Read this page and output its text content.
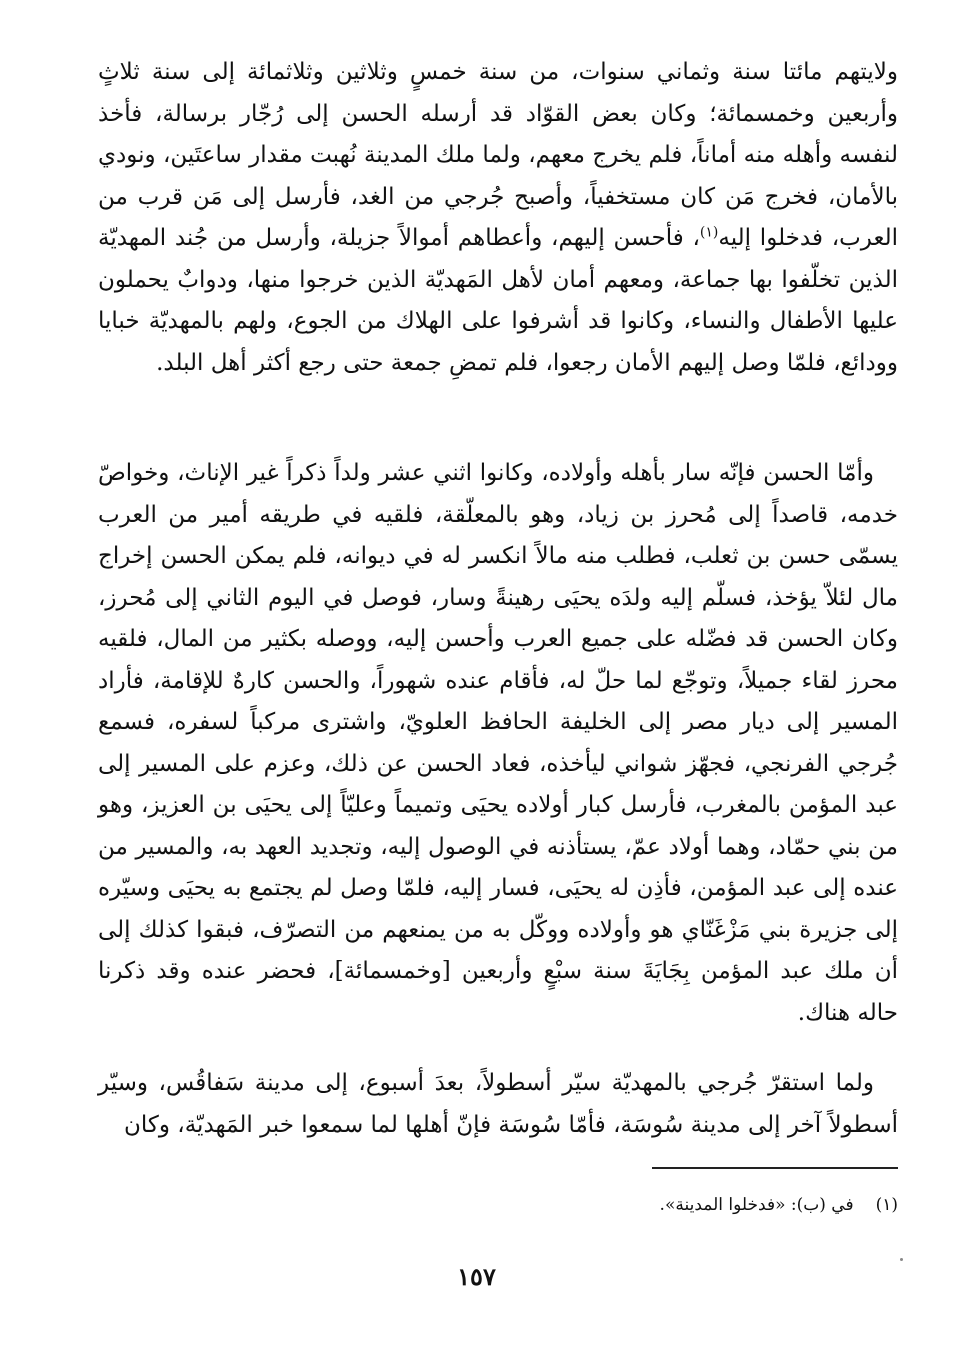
ولايتهم مائتا سنة وثماني سنوات، من سنة خمسٍ وثلاثين وثلاثمائة إلى سنة ثلاثٍ وأربعين وخمسمائة؛ وكان بعض القوّاد قد أرسله الحسن إلى رُجّار برسالة، فأخذ لنفسه وأهله منه أماناً، فلم يخرج معهم، ولما ملك المدينة نُهبت مقدار ساعتَين، ونودي بالأمان، فخرج مَن كان مستخفياً، وأصبح جُرجي من الغد، فأرسل إلى مَن قرب من العرب، فدخلوا إليه$^{(١)}$، فأحسن إليهم، وأعطاهم أموالاً جزيلة، وأرسل من جُند المهديّة الذين تخلّفوا بها جماعة، ومعهم أمان لأهل المَهديّة الذين خرجوا منها، ودوابٌ يحملون عليها الأطفال والنساء، وكانوا قد أشرفوا على الهلاك من الجوع، ولهم بالمهديّة خبايا وودائع، فلمّا وصل إليهم الأمان رجعوا، فلم تمضِ جمعة حتى رجع أكثر أهل البلد.

وأمّا الحسن فإنّه سار بأهله وأولاده، وكانوا اثني عشر ولداً ذكراً غير الإناث، وخواصّ خدمه، قاصداً إلى مُحرز بن زياد، وهو بالمعلّقة، فلقيه في طريقه أمير من العرب يسمّى حسن بن ثعلب، فطلب منه مالاً انكسر له في ديوانه، فلم يمكن الحسن إخراج مال لئلاّ يؤخذ، فسلّم إليه ولدَه يحيَى رهينةً وسار، فوصل في اليوم الثاني إلى مُحرز، وكان الحسن قد فضّله على جميع العرب وأحسن إليه، ووصله بكثير من المال، فلقيه محرز لقاء جميلاً، وتوجّع لما حلّ له، فأقام عنده شهوراً، والحسن كارهٌ للإقامة، فأراد المسير إلى ديار مصر إلى الخليفة الحافظ العلويّ، واشترى مركباً لسفره، فسمع جُرجي الفرنجي، فجهّز شواني ليأخذه، فعاد الحسن عن ذلك، وعزم على المسير إلى عبد المؤمن بالمغرب، فأرسل كبار أولاده يحيَى وتميماً وعليّاً إلى يحيَى بن العزيز، وهو من بني حمّاد، وهما أولاد عمّ، يستأذنه في الوصول إليه، وتجديد العهد به، والمسير من عنده إلى عبد المؤمن، فأذِن له يحيَى، فسار إليه، فلمّا وصل لم يجتمع به يحيَى وسيّره إلى جزيرة بني مَزْغَنّاي هو وأولاده ووكّل به من يمنعهم من التصرّف، فبقوا كذلك إلى أن ملك عبد المؤمن بِجَايَةَ سنة سبْعٍ وأربعين [وخمسمائة]، فحضر عنده وقد ذكرنا حاله هناك.

ولما استقرّ جُرجي بالمهديّة سيّر أسطولاً، بعدَ أسبوع، إلى مدينة سَفاقُس، وسيّر أسطولاً آخر إلى مدينة سُوسَة، فأمّا سُوسَة فإنّ أهلها لما سمعوا خبر المَهديّة، وكان

(١)في (ب): «فدخلوا المدينة».
١٥٧
